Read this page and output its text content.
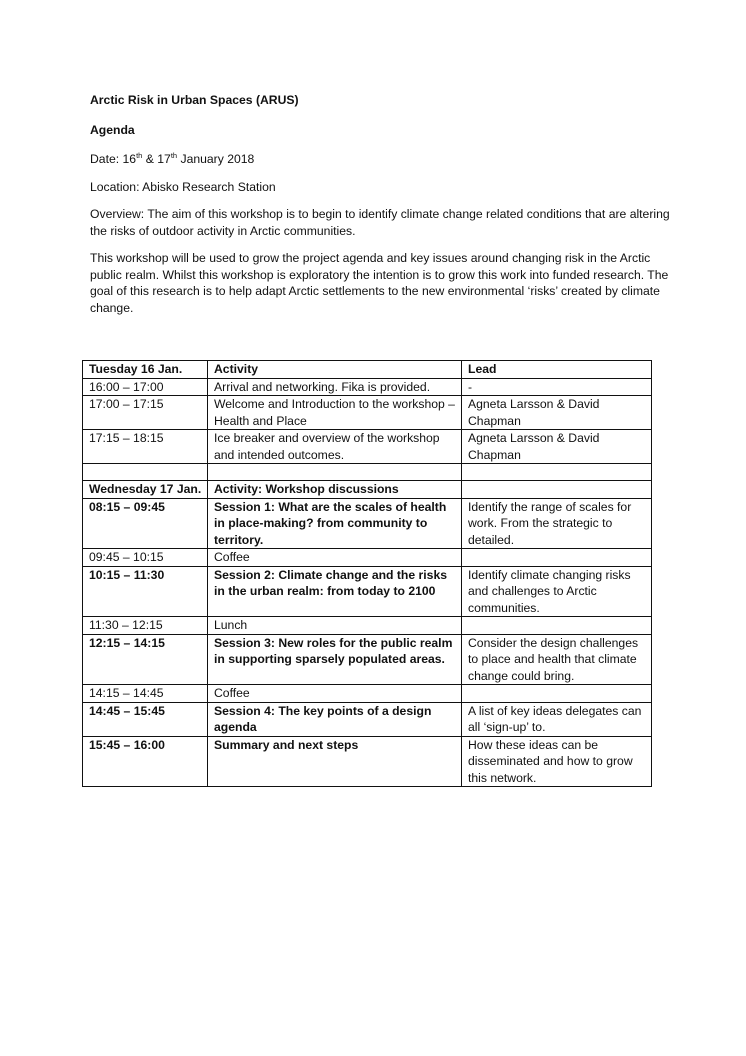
Arctic Risk in Urban Spaces (ARUS)
Agenda
Date: 16th & 17th January 2018
Location: Abisko Research Station
Overview: The aim of this workshop is to begin to identify climate change related conditions that are altering the risks of outdoor activity in Arctic communities.
This workshop will be used to grow the project agenda and key issues around changing risk in the Arctic public realm. Whilst this workshop is exploratory the intention is to grow this work into funded research. The goal of this research is to help adapt Arctic settlements to the new environmental ‘risks’ created by climate change.
Tuesday 16 Jan.	Activity	Lead
16:00 – 17:00	Arrival and networking. Fika is provided.	-
17:00 – 17:15	Welcome and Introduction to the workshop – Health and Place	Agneta Larsson & David Chapman
17:15 – 18:15	Ice breaker and overview of the workshop and intended outcomes.	Agneta Larsson & David Chapman

Wednesday 17 Jan.	Activity: Workshop discussions	
08:15 – 09:45	Session 1: What are the scales of health in place-making? from community to territory.	Identify the range of scales for work. From the strategic to detailed.
09:45 – 10:15	Coffee	
10:15 – 11:30	Session 2: Climate change and the risks in the urban realm: from today to 2100	Identify climate changing risks and challenges to Arctic communities.
11:30 – 12:15	Lunch	
12:15 – 14:15	Session 3: New roles for the public realm in supporting sparsely populated areas.	Consider the design challenges to place and health that climate change could bring.
14:15 – 14:45	Coffee	
14:45 – 15:45	Session 4: The key points of a design agenda	A list of key ideas delegates can all ‘sign-up’ to.
15:45 – 16:00	Summary and next steps	How these ideas can be disseminated and how to grow this network.
